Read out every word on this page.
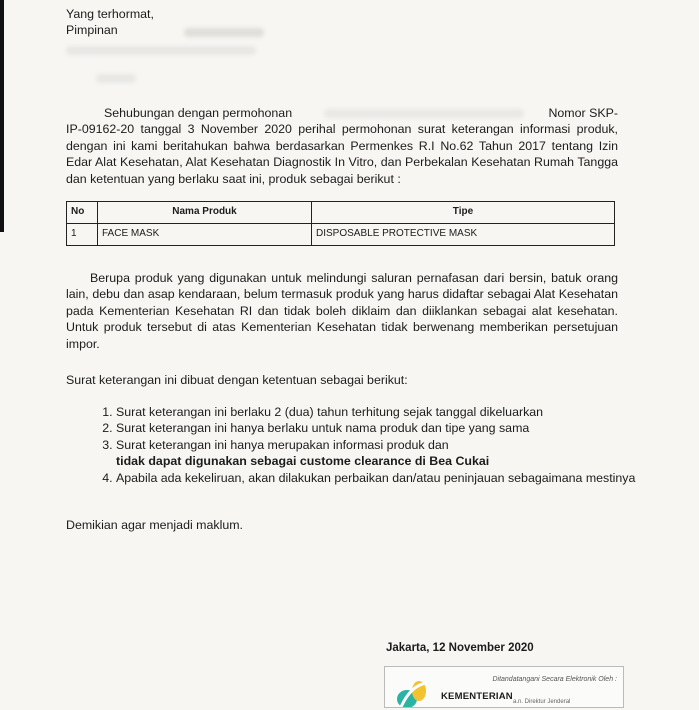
Yang terhormat,
Pimpinan
Sehubungan dengan permohonan	Nomor SKP-
IP-09162-20 tanggal 3 November 2020 perihal permohonan surat keterangan informasi produk, dengan ini kami beritahukan bahwa berdasarkan Permenkes R.I No.62 Tahun 2017 tentang Izin Edar Alat Kesehatan, Alat Kesehatan Diagnostik In Vitro, dan Perbekalan Kesehatan Rumah Tangga dan ketentuan yang berlaku saat ini, produk sebagai berikut :
No	Nama Produk	Tipe
1	FACE MASK	DISPOSABLE PROTECTIVE MASK
Berupa produk yang digunakan untuk melindungi saluran pernafasan dari bersin, batuk orang lain, debu dan asap kendaraan, belum termasuk produk yang harus didaftar sebagai Alat Kesehatan pada Kementerian Kesehatan RI dan tidak boleh diklaim dan diiklankan sebagai alat kesehatan. Untuk produk tersebut di atas Kementerian Kesehatan tidak berwenang memberikan persetujuan impor.
Surat keterangan ini dibuat dengan ketentuan sebagai berikut:
1. Surat keterangan ini berlaku 2 (dua) tahun terhitung sejak tanggal dikeluarkan
2. Surat keterangan ini hanya berlaku untuk nama produk dan tipe yang sama
3. Surat keterangan ini hanya merupakan informasi produk dan
tidak dapat digunakan sebagai custome clearance di Bea Cukai
4. Apabila ada kekeliruan, akan dilakukan perbaikan dan/atau peninjauan sebagaimana mestinya
Demikian agar menjadi maklum.
Jakarta, 12 November 2020
Ditandatangani Secara Elektronik Oleh :
KEMENTERIAN a.n. Direktur Jenderal
